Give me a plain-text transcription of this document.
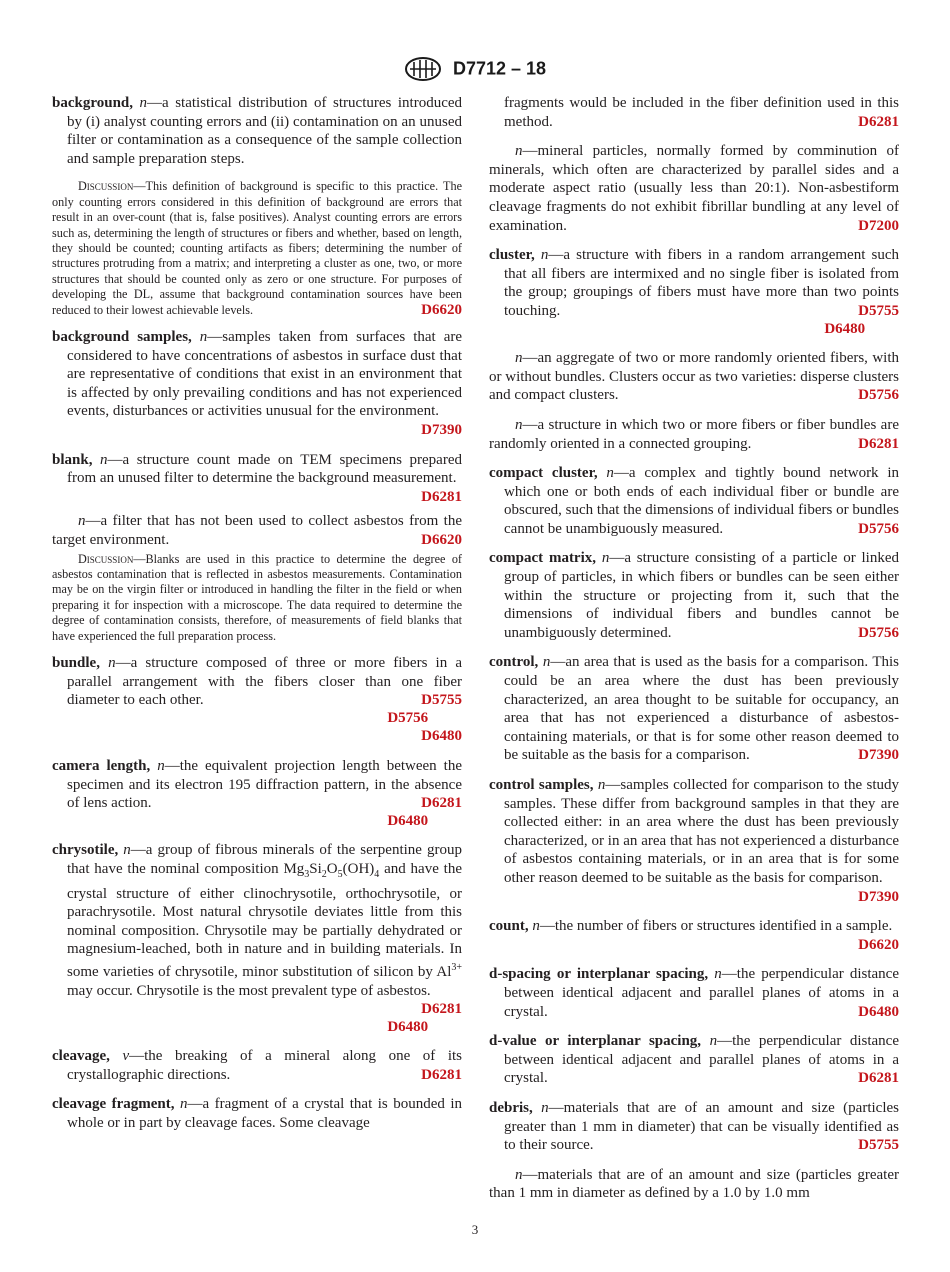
D7712 – 18
background, n—a statistical distribution of structures introduced by (i) analyst counting errors and (ii) contamination on an unused filter or contamination as a consequence of the sample collection and sample preparation steps.
Discussion—This definition of background is specific to this practice. The only counting errors considered in this definition of background are errors that result in an over-count (that is, false positives). Analyst counting errors are errors such as, determining the length of structures or fibers and whether, based on length, they should be counted; counting artifacts as fibers; determining the number of structures protruding from a matrix; and interpreting a cluster as one, two, or more structures that should be counted only as zero or one structure. For purposes of developing the DL, assume that background contamination sources have been reduced to their lowest achievable levels.	D6620
background samples, n—samples taken from surfaces that are considered to have concentrations of asbestos in surface dust that are representative of conditions that exist in an environment that is affected by only prevailing conditions and has not experienced events, disturbances or activities unusual for the environment.
D7390
blank, n—a structure count made on TEM specimens prepared from an unused filter to determine the background measurement.
D6281
n—a filter that has not been used to collect asbestos from the target environment.	D6620
Discussion—Blanks are used in this practice to determine the degree of asbestos contamination that is reflected in asbestos measurements. Contamination may be on the virgin filter or introduced in handling the filter in the field or when preparing it for inspection with a microscope. The data required to determine the degree of contamination consists, therefore, of measurements of field blanks that have experienced the full preparation process.
bundle, n—a structure composed of three or more fibers in a parallel arrangement with the fibers closer than one fiber diameter to each other.	D5755
D5756
D6480
camera length, n—the equivalent projection length between the specimen and its electron 195 diffraction pattern, in the absence of lens action.	D6281
D6480
chrysotile, n—a group of fibrous minerals of the serpentine group that have the nominal composition $Mg_3Si_2O_5(OH)_4$ and have the crystal structure of either clinochrysotile, orthochrysotile, or parachrysotile. Most natural chrysotile deviates little from this nominal composition. Chrysotile may be partially dehydrated or magnesium-leached, both in nature and in building materials. In some varieties of chrysotile, minor substitution of silicon by $Al^{3+}$ may occur. Chrysotile is the most prevalent type of asbestos.
D6281
D6480
cleavage, v—the breaking of a mineral along one of its crystallographic directions.	D6281
cleavage fragment, n—a fragment of a crystal that is bounded in whole or in part by cleavage faces. Some cleavage
fragments would be included in the fiber definition used in this method.	D6281
n—mineral particles, normally formed by comminution of minerals, which often are characterized by parallel sides and a moderate aspect ratio (usually less than 20:1). Non-asbestiform cleavage fragments do not exhibit fibrillar bundling at any level of examination.	D7200
cluster, n—a structure with fibers in a random arrangement such that all fibers are intermixed and no single fiber is isolated from the group; groupings of fibers must have more than two points touching.	D5755
D6480
n—an aggregate of two or more randomly oriented fibers, with or without bundles. Clusters occur as two varieties: disperse clusters and compact clusters.	D5756
n—a structure in which two or more fibers or fiber bundles are randomly oriented in a connected grouping.	D6281
compact cluster, n—a complex and tightly bound network in which one or both ends of each individual fiber or bundle are obscured, such that the dimensions of individual fibers or bundles cannot be unambiguously measured.	D5756
compact matrix, n—a structure consisting of a particle or linked group of particles, in which fibers or bundles can be seen either within the structure or projecting from it, such that the dimensions of individual fibers and bundles cannot be unambiguously determined.	D5756
control, n—an area that is used as the basis for a comparison. This could be an area where the dust has been previously characterized, an area thought to be suitable for occupancy, an area that has not experienced a disturbance of asbestos-containing materials, or that is for some other reason deemed to be suitable as the basis for a comparison.	D7390
control samples, n—samples collected for comparison to the study samples. These differ from background samples in that they are collected either: in an area where the dust has been previously characterized, or in an area that has not experienced a disturbance of asbestos containing materials, or in an area that is for some other reason deemed to be suitable as the basis for comparison.
D7390
count, n—the number of fibers or structures identified in a sample.
D6620
d-spacing or interplanar spacing, n—the perpendicular distance between identical adjacent and parallel planes of atoms in a crystal.	D6480
d-value or interplanar spacing, n—the perpendicular distance between identical adjacent and parallel planes of atoms in a crystal.	D6281
debris, n—materials that are of an amount and size (particles greater than 1 mm in diameter) that can be visually identified as to their source.	D5755
n—materials that are of an amount and size (particles greater than 1 mm in diameter as defined by a 1.0 by 1.0 mm
3
